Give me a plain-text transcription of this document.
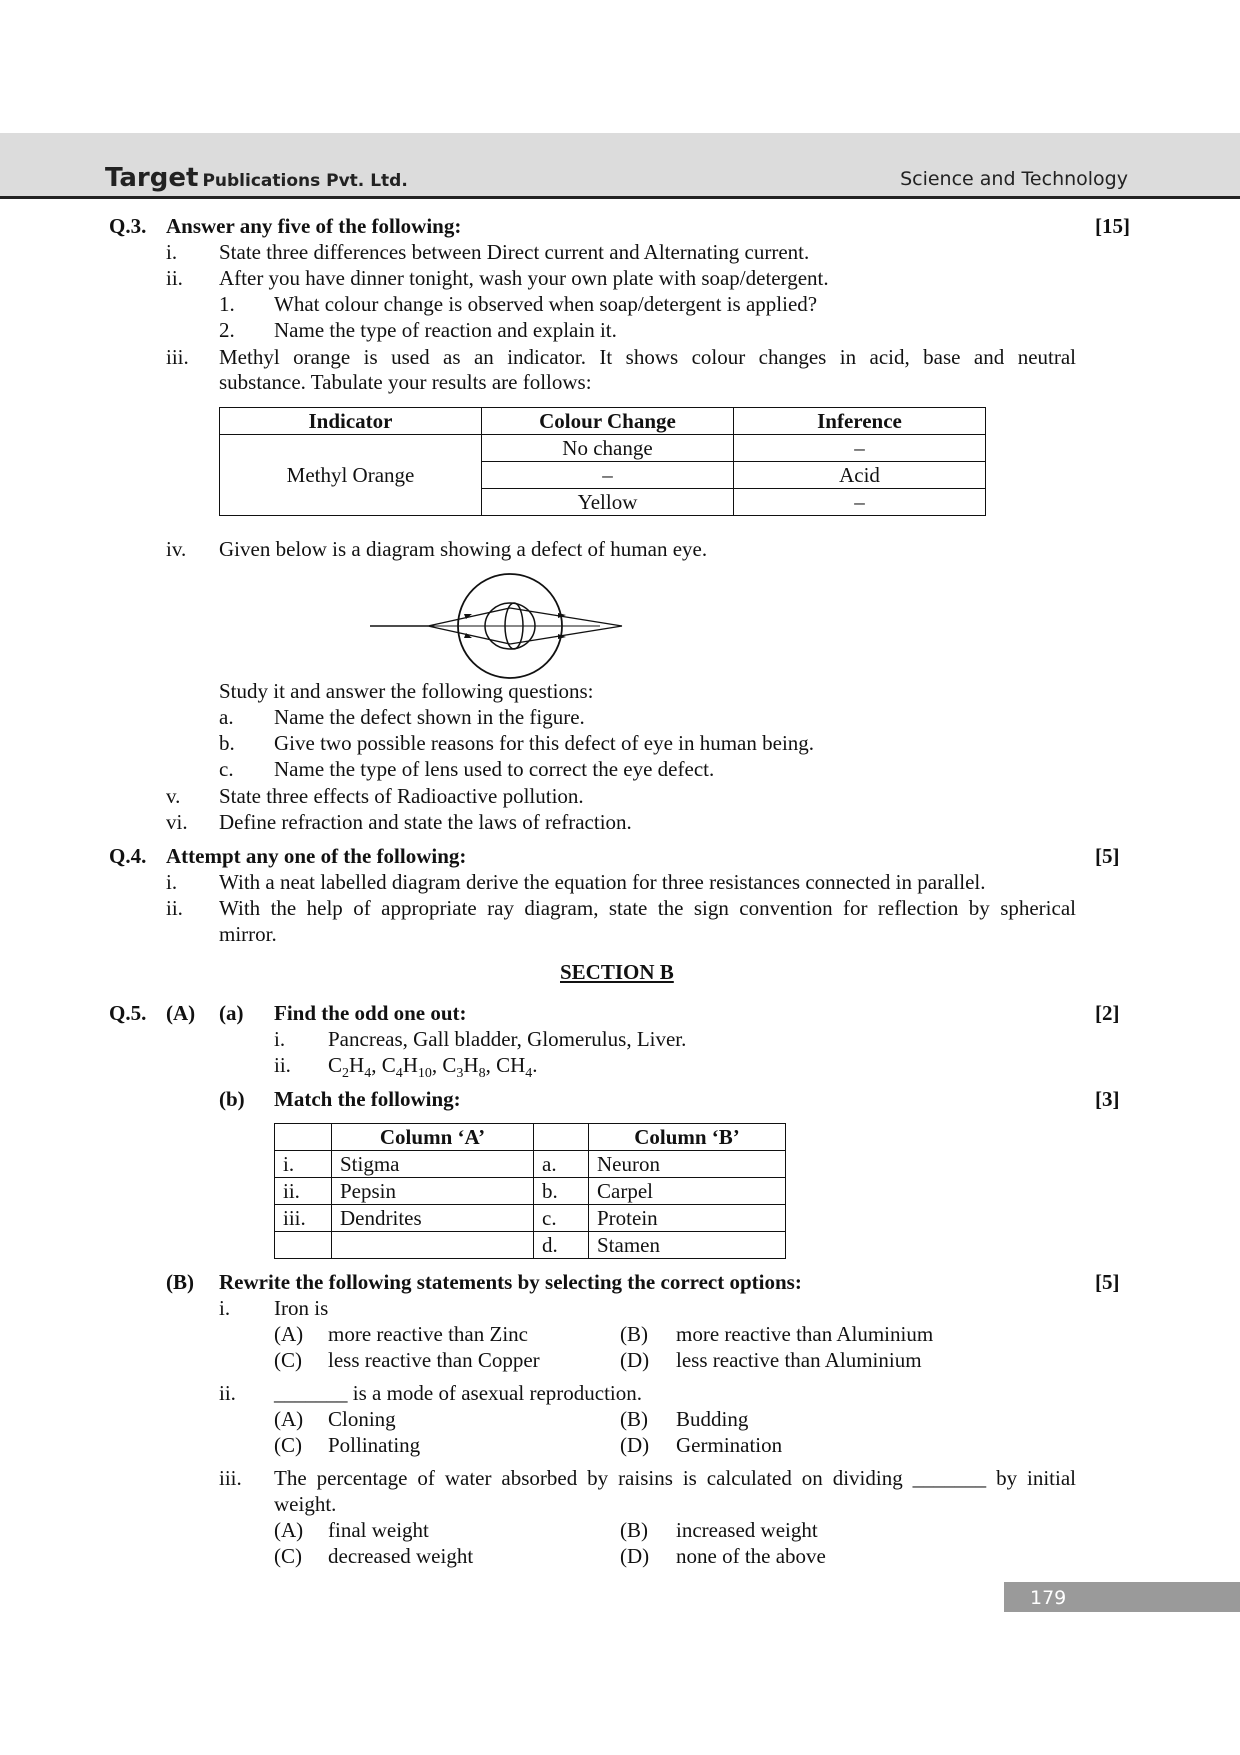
Target Publications Pvt. Ltd.	Science and Technology
Q.3. Answer any five of the following:	[15]
i. State three differences between Direct current and Alternating current.
ii. After you have dinner tonight, wash your own plate with soap/detergent.
1. What colour change is observed when soap/detergent is applied?
2. Name the type of reaction and explain it.
iii. Methyl orange is used as an indicator. It shows colour changes in acid, base and neutral
substance. Tabulate your results are follows:
Indicator	Colour Change	Inference
Methyl Orange	No change	–
	–	Acid
	Yellow	–
iv. Given below is a diagram showing a defect of human eye.
Study it and answer the following questions:
a. Name the defect shown in the figure.
b. Give two possible reasons for this defect of eye in human being.
c. Name the type of lens used to correct the eye defect.
v. State three effects of Radioactive pollution.
vi. Define refraction and state the laws of refraction.
Q.4. Attempt any one of the following:	[5]
i. With a neat labelled diagram derive the equation for three resistances connected in parallel.
ii. With the help of appropriate ray diagram, state the sign convention for reflection by spherical
mirror.
SECTION B
Q.5. (A) (a) Find the odd one out:	[2]
i. Pancreas, Gall bladder, Glomerulus, Liver.
ii. $C_2H_4$, $C_4H_{10}$, $C_3H_8$, $CH_4$.
(b) Match the following:	[3]
	Column ‘A’		Column ‘B’
i.	Stigma	a.	Neuron
ii.	Pepsin	b.	Carpel
iii.	Dendrites	c.	Protein
		d.	Stamen
(B) Rewrite the following statements by selecting the correct options:	[5]
i. Iron is
(A) more reactive than Zinc	(B) more reactive than Aluminium
(C) less reactive than Copper	(D) less reactive than Aluminium
ii. _______ is a mode of asexual reproduction.
(A) Cloning	(B) Budding
(C) Pollinating	(D) Germination
iii. The percentage of water absorbed by raisins is calculated on dividing _______ by initial
weight.
(A) final weight	(B) increased weight
(C) decreased weight	(D) none of the above
179
